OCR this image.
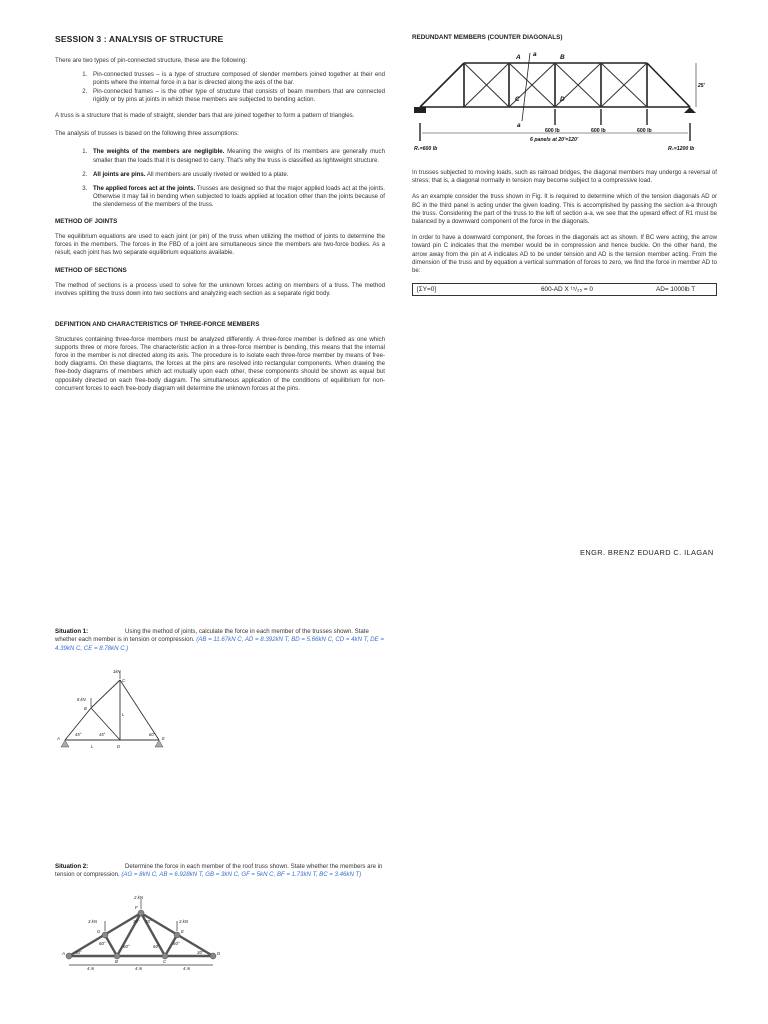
SESSION 3 : ANALYSIS OF STRUCTURE
There are two types of pin-connected structure, these are the following:
1. Pin-connected trusses – is a type of structure composed of slender members joined together at their end points where the internal force in a bar is directed along the axis of the bar.
2. Pin-connected frames – is the other type of structure that consists of beam members that are connected rigidly or by pins at joints in which these members are subjected to bending action.
A truss is a structure that is made of straight, slender bars that are joined together to form a pattern of triangles.
The analysis of trusses is based on the following three assumptions:
1. The weights of the members are negligible. Meaning the weighs of its members are generally much smaller than the loads that it is designed to carry. That's why the truss is classified as lightweight structure.
2. All joints are pins. All members are usually riveted or welded to a plate.
3. The applied forces act at the joints. Trusses are designed so that the major applied loads act at the joints. Otherwise it may fail in bending when subjected to loads applied at location other than the joints because of the slenderness of the members of the truss.
METHOD OF JOINTS
The equilibrium equations are used to each joint (or pin) of the truss when utilizing the method of joints to determine the forces in the members. The forces in the FBD of a joint are simultaneous since the members are two-force bodies. As a result, each joint has two separate equilibrium equations available.
METHOD OF SECTIONS
The method of sections is a process used to solve for the unknown forces acting on members of a truss. The method involves splitting the truss down into two sections and analyzing each section as a separate rigid body.
DEFINITION AND CHARACTERISTICS OF THREE-FORCE MEMBERS
Structures containing three-force members must be analyzed differently. A three-force member is defined as one which supports three or more forces. The characteristic action in a three-force member is bending, this means that the internal force in the member is not directed along its axis. The procedure is to isolate each three-force member by means of free-body diagrams. On these diagrams, the forces at the pins are resolved into rectangular components. When drawing the free-body diagrams of members which act mutually upon each other, these components should be shown as equal but oppositely directed on each free-body diagram. The simultaneous application of the conditions of equilibrium for non-concurrent forces to each free-body diagram will determine the unknown forces at the pins.
REDUNDANT MEMBERS (COUNTER DIAGONALS)
A	B
C	D
a
a
25'
600 lb	600 lb	600 lb
6 panels at 20'=120'
R₁=600 lb	R₂=1200 lb
In trusses subjected to moving loads, such as railroad bridges, the diagonal members may undergo a reversal of stress; that is, a diagonal normally in tension may become subject to a compressive load.
As an example consider the truss shown in Fig. It is required to determine which of the tension diagonals AD or BC in the third panel is acting under the given loading. This is accomplished by passing the section a-a through the truss. Considering the part of the truss to the left of section a-a, we see that the upward effect of R1 must be balanced by a downward component of the force in the diagonals.
In order to have a downward component, the forces in the diagonals act as shown. If BC were acting, the arrow toward pin C indicates that the member would be in compression and hence buckle. On the other hand, the arrow away from the pin at A indicates AD to be under tension and AD is the tension member acting. From the dimension of the truss and by equation a vertical summation of forces to zero, we find the force in member AD to be:
[ΣY=0]	600-AD X ¹⁵/₂₅ = 0	AD= 1000lb T
ENGR. BRENZ EDUARD C. ILAGAN
Situation 1:	Using the method of joints, calculate the force in each member of the trusses shown. State whether each member is in tension or compression. (AB = 11.67kN C, AD = 8.392kN T, BD = 5.66kN C, CD = 4kN T, DE = 4.39kN C, CE = 8.78kN C.)
1kN
8 kN
45°	45°	60°
L
L
A
B
C
D
E
Situation 2:	Determine the force in each member of the roof truss shown. State whether the members are in tension or compression. (AG = 8kN C, AB = 6.928kN T, GB = 3kN C, GF = 5kN C, BF = 1.73kN T, BC = 3.46kN T)
2 kN
3 kN	3 kN
G
F
E
A
B	C
D
30°
60°
60°
30° 30°
60°
60°
30°
4 m	4 m	4 m
